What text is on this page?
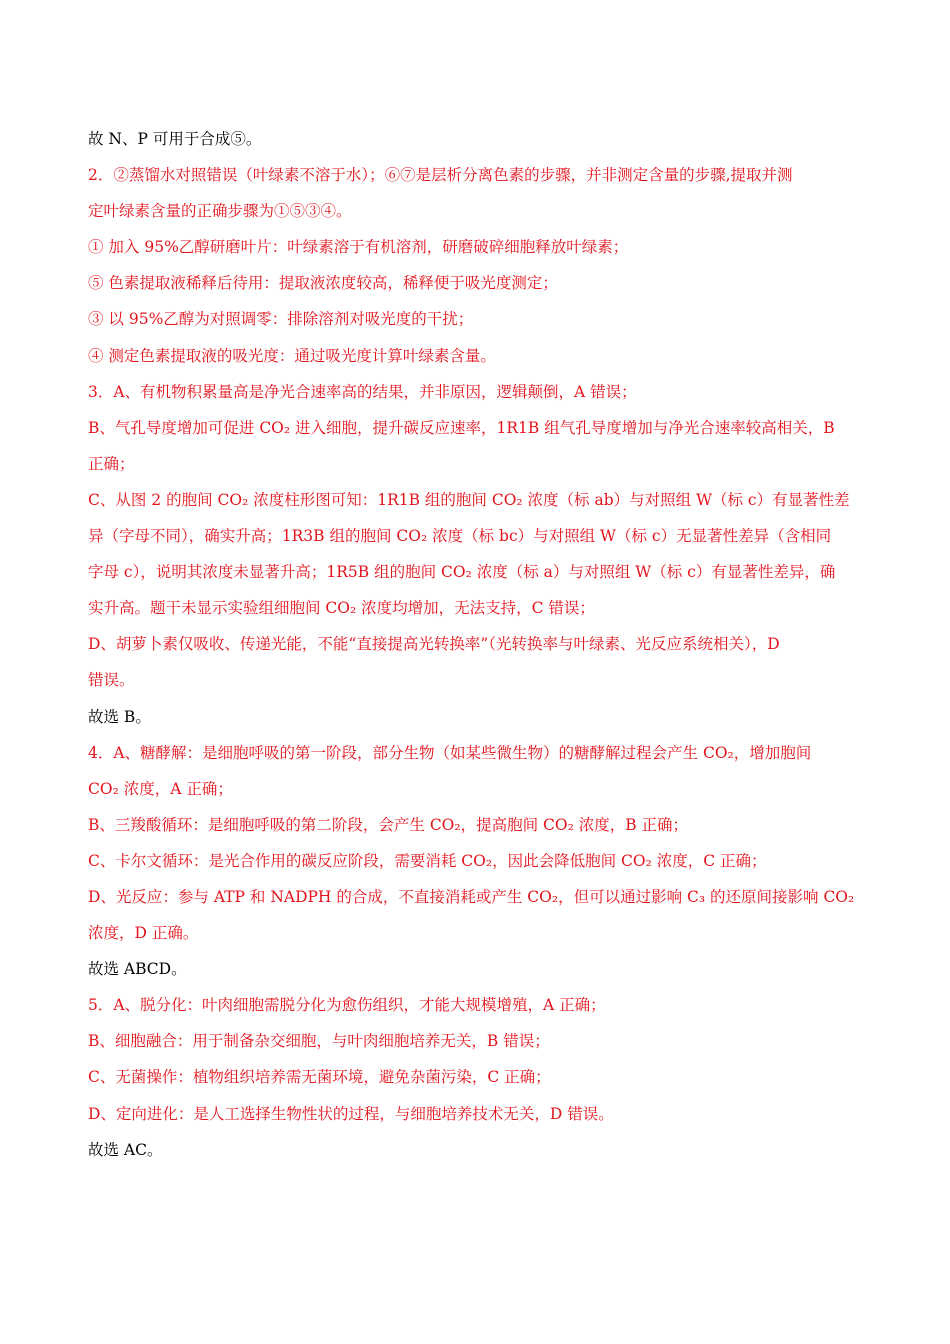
故 N、P 可用于合成⑤。
2．②蒸馏水对照错误（叶绿素不溶于水）；⑥⑦是层析分离色素的步骤，并非测定含量的步骤,提取并测
定叶绿素含量的正确步骤为①⑤③④。
① 加入 95%乙醇研磨叶片：叶绿素溶于有机溶剂，研磨破碎细胞释放叶绿素；
⑤ 色素提取液稀释后待用：提取液浓度较高，稀释便于吸光度测定；
③ 以 95%乙醇为对照调零：排除溶剂对吸光度的干扰；
④ 测定色素提取液的吸光度：通过吸光度计算叶绿素含量。
3．A、有机物积累量高是净光合速率高的结果，并非原因，逻辑颠倒，A 错误；
B、气孔导度增加可促进 CO₂ 进入细胞，提升碳反应速率，1R1B 组气孔导度增加与净光合速率较高相关，B
正确；
C、从图 2 的胞间 CO₂ 浓度柱形图可知：1R1B 组的胞间 CO₂ 浓度（标 ab）与对照组 W（标 c）有显著性差
异（字母不同），确实升高；1R3B 组的胞间 CO₂ 浓度（标 bc）与对照组 W（标 c）无显著性差异（含相同
字母 c），说明其浓度未显著升高；1R5B 组的胞间 CO₂ 浓度（标 a）与对照组 W（标 c）有显著性差异，确
实升高。题干未显示实验组细胞间 CO₂ 浓度均增加，无法支持，C 错误；
D、胡萝卜素仅吸收、传递光能，不能“直接提高光转换率”（光转换率与叶绿素、光反应系统相关），D
错误。
故选 B。
4．A、糖酵解：是细胞呼吸的第一阶段，部分生物（如某些微生物）的糖酵解过程会产生 CO₂，增加胞间
CO₂ 浓度，A 正确；
B、三羧酸循环：是细胞呼吸的第二阶段，会产生 CO₂，提高胞间 CO₂ 浓度，B 正确；
C、卡尔文循环：是光合作用的碳反应阶段，需要消耗 CO₂，因此会降低胞间 CO₂ 浓度，C 正确；
D、光反应：参与 ATP 和 NADPH 的合成，不直接消耗或产生 CO₂，但可以通过影响 C₃ 的还原间接影响 CO₂
浓度，D 正确。
故选 ABCD。
5．A、脱分化：叶肉细胞需脱分化为愈伤组织，才能大规模增殖，A 正确；
B、细胞融合：用于制备杂交细胞，与叶肉细胞培养无关，B 错误；
C、无菌操作：植物组织培养需无菌环境，避免杂菌污染，C 正确；
D、定向进化：是人工选择生物性状的过程，与细胞培养技术无关，D 错误。
故选 AC。
